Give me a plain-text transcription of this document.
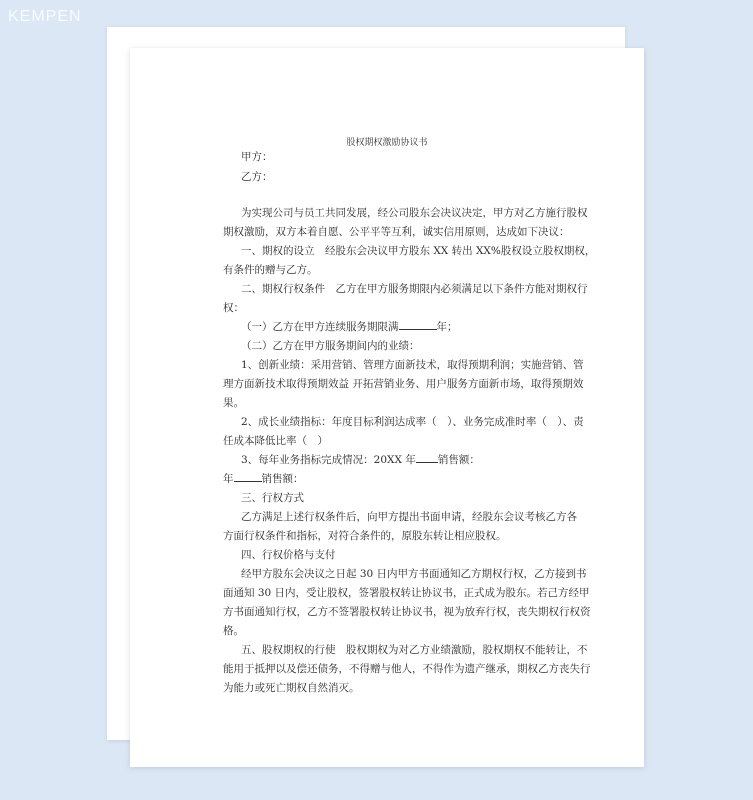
KEMPEN
股权期权激励协议书
甲方：
乙方：
为实现公司与员工共同发展，经公司股东会决议决定，甲方对乙方施行股权
期权激励，双方本着自愿、公平平等互利，诚实信用原则，达成如下决议：
一、期权的设立　经股东会决议甲方股东 XX 转出 XX%股权设立股权期权，
有条件的赠与乙方。
二、期权行权条件　乙方在甲方服务期限内必须满足以下条件方能对期权行
权：
（一）乙方在甲方连续服务期限满	年；
（二）乙方在甲方服务期间内的业绩：
1、创新业绩：采用营销、管理方面新技术，取得预期利润；实施营销、管
理方面新技术取得预期效益 开拓营销业务、用户服务方面新市场，取得预期效
果。
2、成长业绩指标：年度目标利润达成率（　）、业务完成准时率（　）、责
任成本降低比率（　）
3、每年业务指标完成情况：20XX 年 销售额：
年	销售额：
三、行权方式
乙方满足上述行权条件后，向甲方提出书面申请，经股东会议考核乙方各
方面行权条件和指标，对符合条件的，原股东转让相应股权。
四、行权价格与支付
经甲方股东会决议之日起 30 日内甲方书面通知乙方期权行权，乙方接到书
面通知 30 日内，受让股权，签署股权转让协议书，正式成为股东。若己方经甲
方书面通知行权，乙方不签署股权转让协议书，视为放弃行权，丧失期权行权资
格。
五、股权期权的行使　股权期权为对乙方业绩激励，股权期权不能转让，不
能用于抵押以及偿还债务，不得赠与他人，不得作为遗产继承，期权乙方丧失行
为能力或死亡期权自然消灭。
